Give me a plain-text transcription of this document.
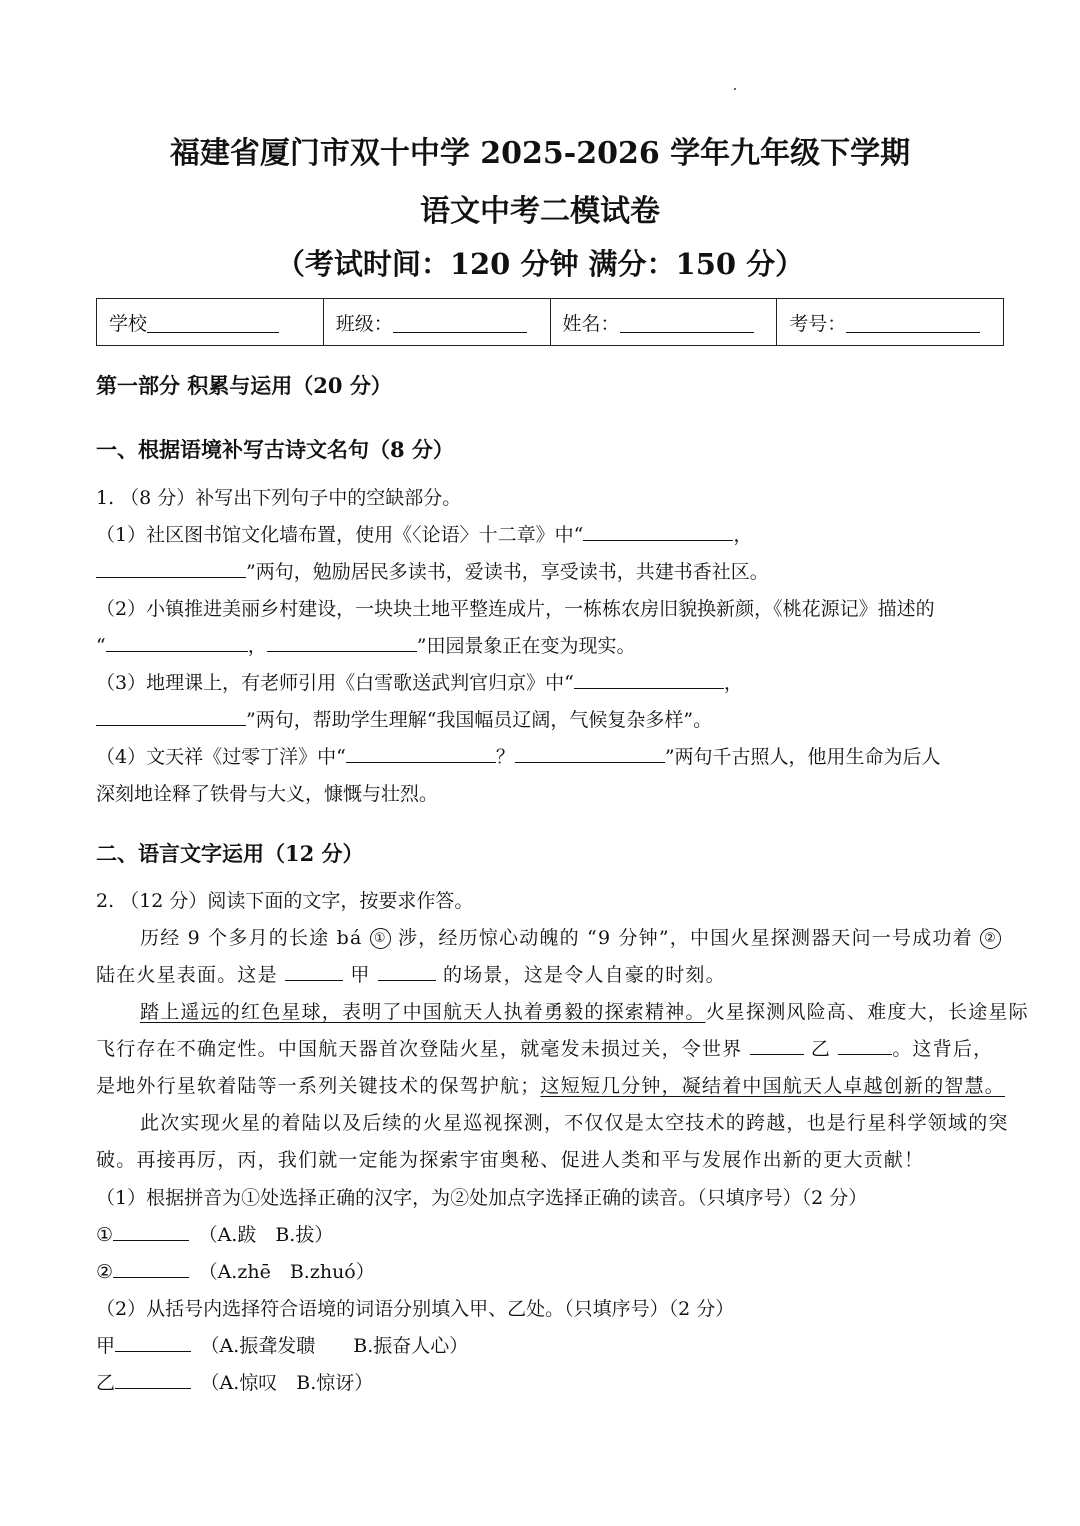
福建省厦门市双十中学 2025-2026 学年九年级下学期
语文中考二模试卷
（考试时间：120 分钟 满分：150 分）
学校	班级：	姓名：	考号：
第一部分 积累与运用（20 分）
一、根据语境补写古诗文名句（8 分）
1. （8 分）补写出下列句子中的空缺部分。
（1）社区图书馆文化墙布置，使用《〈论语〉十二章》中“	，
”两句，勉励居民多读书，爱读书，享受读书，共建书香社区。
（2）小镇推进美丽乡村建设，一块块土地平整连成片，一栋栋农房旧貌换新颜，《桃花源记》描述的
“	，	”田园景象正在变为现实。
（3）地理课上，有老师引用《白雪歌送武判官归京》中“	，
”两句，帮助学生理解“我国幅员辽阔，气候复杂多样”。
（4）文天祥《过零丁洋》中“	？	”两句千古照人，他用生命为后人
深刻地诠释了铁骨与大义，慷慨与壮烈。
二、语言文字运用（12 分）
2. （12 分）阅读下面的文字，按要求作答。
历经 9 个多月的长途 bá ① 涉，经历惊心动魄的 “9 分钟”，中国火星探测器天问一号成功着 ②
陆在火星表面。这是	甲	的场景，这是令人自豪的时刻。
踏上遥远的红色星球，表明了中国航天人执着勇毅的探索精神。火星探测风险高、难度大，长途星际
飞行存在不确定性。中国航天器首次登陆火星，就毫发未损过关，令世界	乙	。这背后，
是地外行星软着陆等一系列关键技术的保驾护航；这短短几分钟，凝结着中国航天人卓越创新的智慧。
此次实现火星的着陆以及后续的火星巡视探测，不仅仅是太空技术的跨越，也是行星科学领域的突
破。再接再厉，丙，我们就一定能为探索宇宙奥秘、促进人类和平与发展作出新的更大贡献！
（1）根据拼音为①处选择正确的汉字，为②处加点字选择正确的读音。（只填序号）（2 分）
①　	（A.跋　B.拔）
②　	（A.zhē　B.zhuó）
（2）从括号内选择符合语境的词语分别填入甲、乙处。（只填序号）（2 分）
甲　	（A.振聋发聩　　B.振奋人心）
乙　	（A.惊叹　B.惊讶）
